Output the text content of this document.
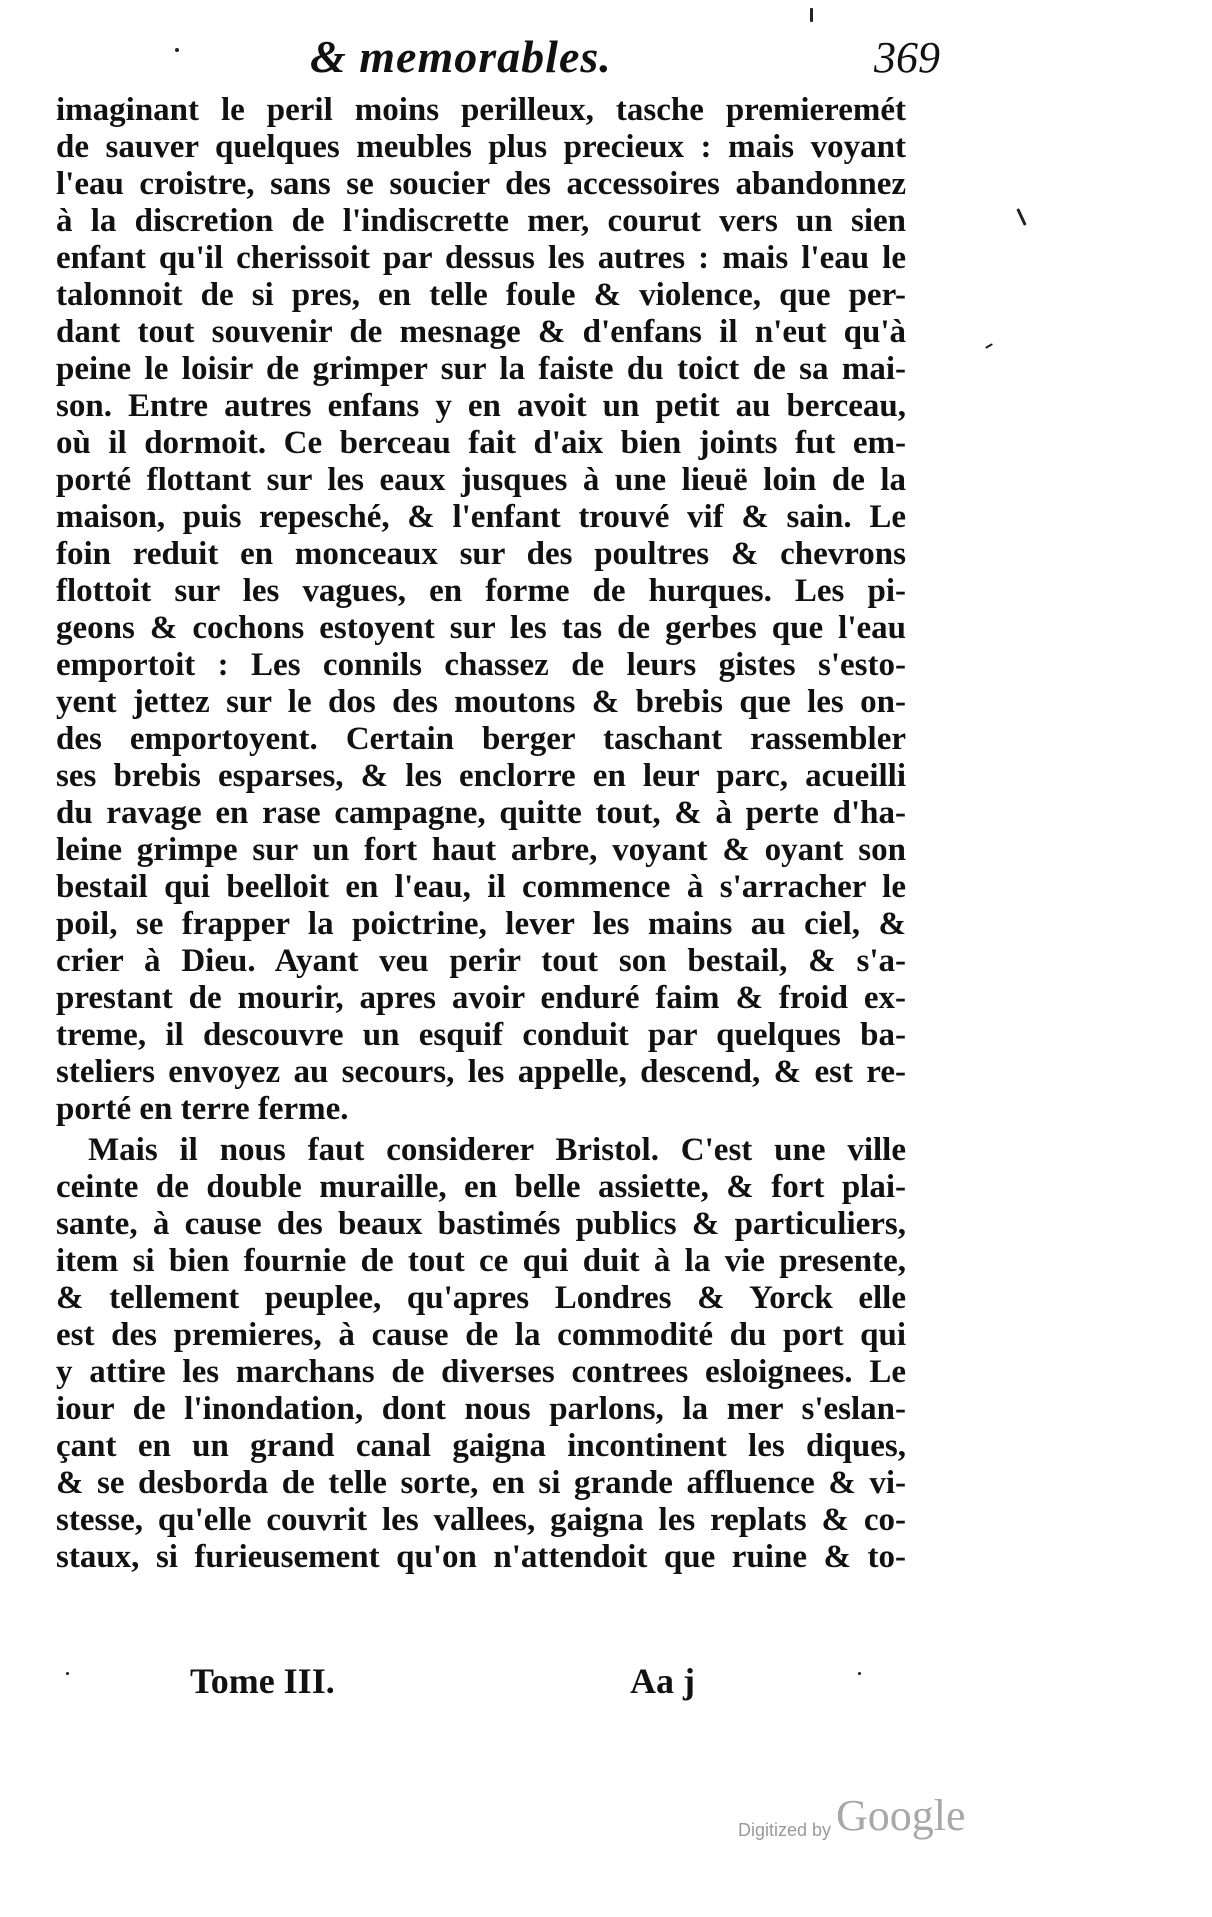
& memorables.	369
imaginant le peril moins perilleux, tasche premieremét
de sauver quelques meubles plus precieux : mais voyant
l'eau croistre, sans se soucier des accessoires abandonnez
à la discretion de l'indiscrette mer, courut vers un sien
enfant qu'il cherissoit par dessus les autres : mais l'eau le
talonnoit de si pres, en telle foule & violence, que per-
dant tout souvenir de mesnage & d'enfans il n'eut qu'à
peine le loisir de grimper sur la faiste du toict de sa mai-
son. Entre autres enfans y en avoit un petit au berceau,
où il dormoit. Ce berceau fait d'aix bien joints fut em-
porté flottant sur les eaux jusques à une lieuë loin de la
maison, puis repesché, & l'enfant trouvé vif & sain. Le
foin reduit en monceaux sur des poultres & chevrons
flottoit sur les vagues, en forme de hurques. Les pi-
geons & cochons estoyent sur les tas de gerbes que l'eau
emportoit : Les connils chassez de leurs gistes s'esto-
yent jettez sur le dos des moutons & brebis que les on-
des emportoyent. Certain berger taschant rassembler
ses brebis esparses, & les enclorre en leur parc, acueilli
du ravage en rase campagne, quitte tout, & à perte d'ha-
leine grimpe sur un fort haut arbre, voyant & oyant son
bestail qui beelloit en l'eau, il commence à s'arracher le
poil, se frapper la poictrine, lever les mains au ciel, &
crier à Dieu. Ayant veu perir tout son bestail, & s'a-
prestant de mourir, apres avoir enduré faim & froid ex-
treme, il descouvre un esquif conduit par quelques ba-
steliers envoyez au secours, les appelle, descend, & est re-
porté en terre ferme.
Mais il nous faut considerer Bristol. C'est une ville
ceinte de double muraille, en belle assiette, & fort plai-
sante, à cause des beaux bastimés publics & particuliers,
item si bien fournie de tout ce qui duit à la vie presente,
& tellement peuplee, qu'apres Londres & Yorck elle
est des premieres, à cause de la commodité du port qui
y attire les marchans de diverses contrees esloignees. Le
iour de l'inondation, dont nous parlons, la mer s'eslan-
çant en un grand canal gaigna incontinent les diques,
& se desborda de telle sorte, en si grande affluence & vi-
stesse, qu'elle couvrit les vallees, gaigna les replats & co-
staux, si furieusement qu'on n'attendoit que ruine & to-
Tome III.	Aa j
Digitized by Google
